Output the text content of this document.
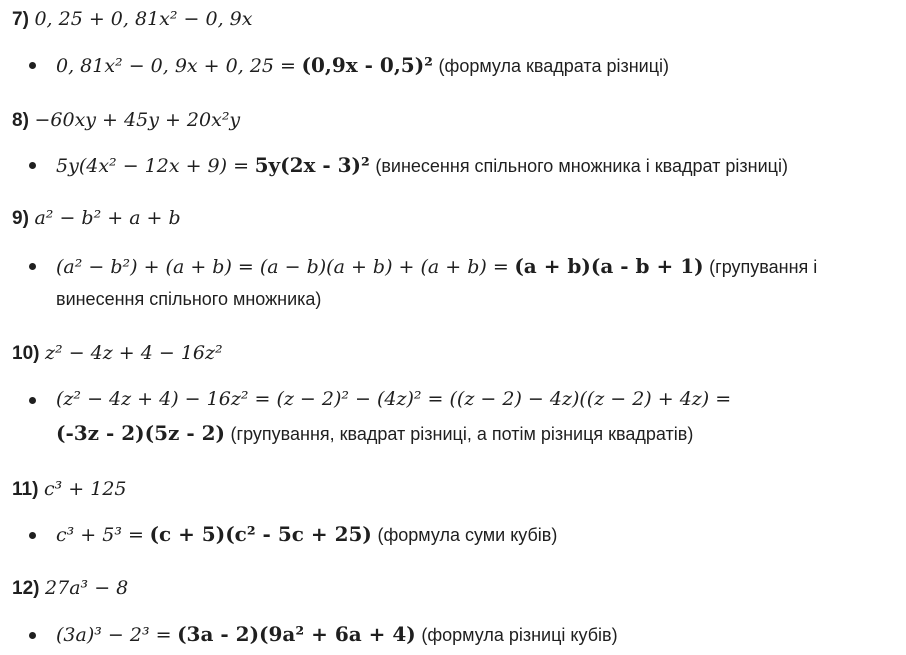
7) 0, 25 + 0, 81x² − 0, 9x
0, 81x² − 0, 9x + 0, 25 = (0,9x - 0,5)² (формула квадрата різниці)
8) −60xy + 45y + 20x²y
5y(4x² − 12x + 9) = 5y(2x - 3)² (винесення спільного множника і квадрат різниці)
9) a² − b² + a + b
(a² − b²) + (a + b) = (a − b)(a + b) + (a + b) = (a + b)(a - b + 1) (групування і
винесення спільного множника)
10) z² − 4z + 4 − 16z²
(z² − 4z + 4) − 16z² = (z − 2)² − (4z)² = ((z − 2) − 4z)((z − 2) + 4z) =
(-3z - 2)(5z - 2) (групування, квадрат різниці, а потім різниця квадратів)
11) c³ + 125
c³ + 5³ = (c + 5)(c² - 5c + 25) (формула суми кубів)
12) 27a³ − 8
(3a)³ − 2³ = (3a - 2)(9a² + 6a + 4) (формула різниці кубів)
